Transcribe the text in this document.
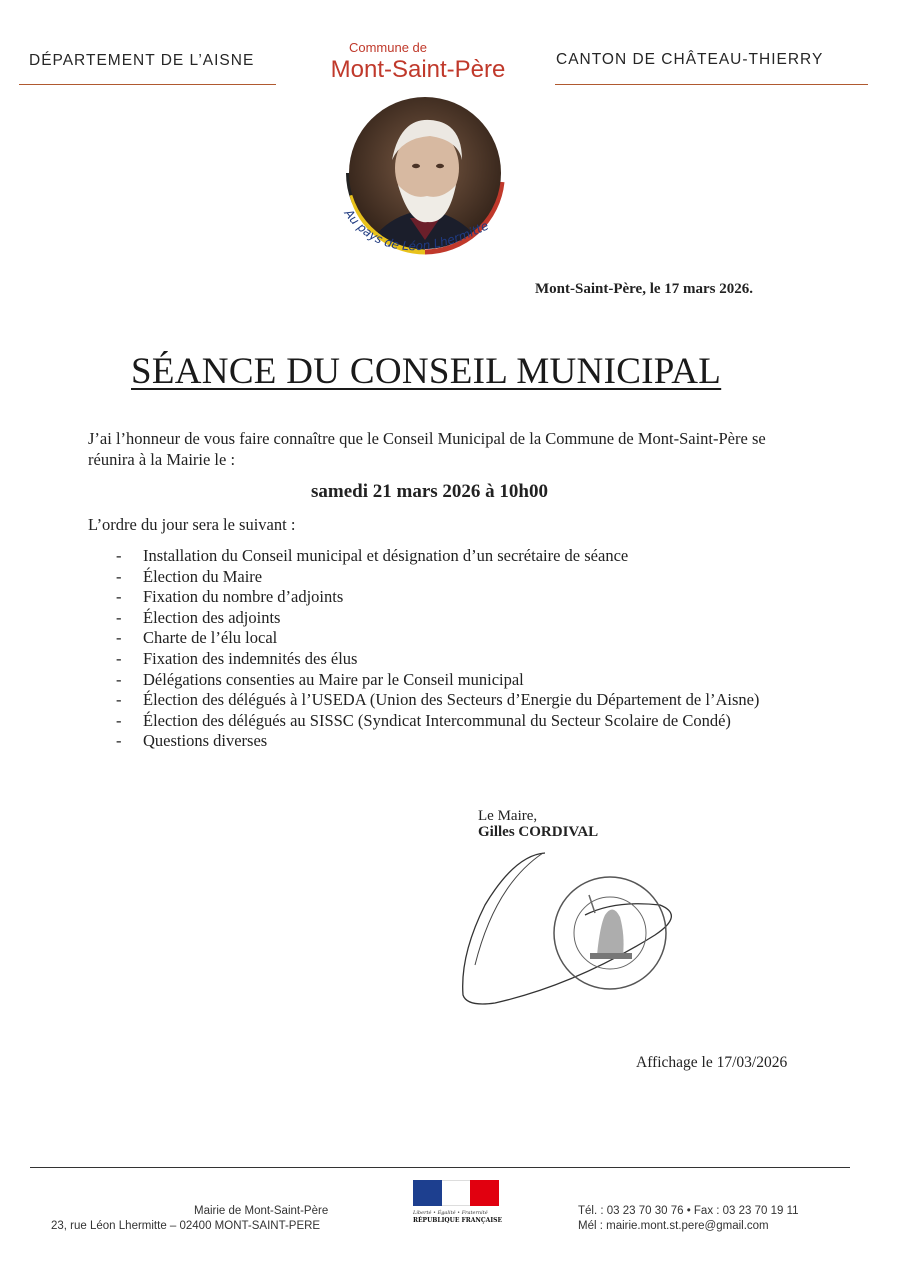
DÉPARTEMENT DE L’AISNE	CANTON DE CHÂTEAU-THIERRY
Commune de
Mont-Saint-Père
Au pays de Léon Lhermitte
Mont-Saint-Père, le 17 mars 2026.
SÉANCE DU CONSEIL MUNICIPAL
J’ai l’honneur de vous faire connaître que le Conseil Municipal de la Commune de Mont-Saint-Père se réunira à la Mairie le :
samedi 21 mars 2026 à 10h00
L’ordre du jour sera le suivant :
- Installation du Conseil municipal et désignation d’un secrétaire de séance
- Élection du Maire
- Fixation du nombre d’adjoints
- Élection des adjoints
- Charte de l’élu local
- Fixation des indemnités des élus
- Délégations consenties au Maire par le Conseil municipal
- Élection des délégués à l’USEDA (Union des Secteurs d’Energie du Département de l’Aisne)
- Élection des délégués au SISSC (Syndicat Intercommunal du Secteur Scolaire de Condé)
- Questions diverses
Le Maire,
Gilles CORDIVAL
Affichage le 17/03/2026
Mairie de Mont-Saint-Père
23, rue Léon Lhermitte – 02400 MONT-SAINT-PERE
Liberté • Égalité • Fraternité
RÉPUBLIQUE FRANÇAISE
Tél. : 03 23 70 30 76 • Fax : 03 23 70 19 11
Mél : mairie.mont.st.pere@gmail.com
